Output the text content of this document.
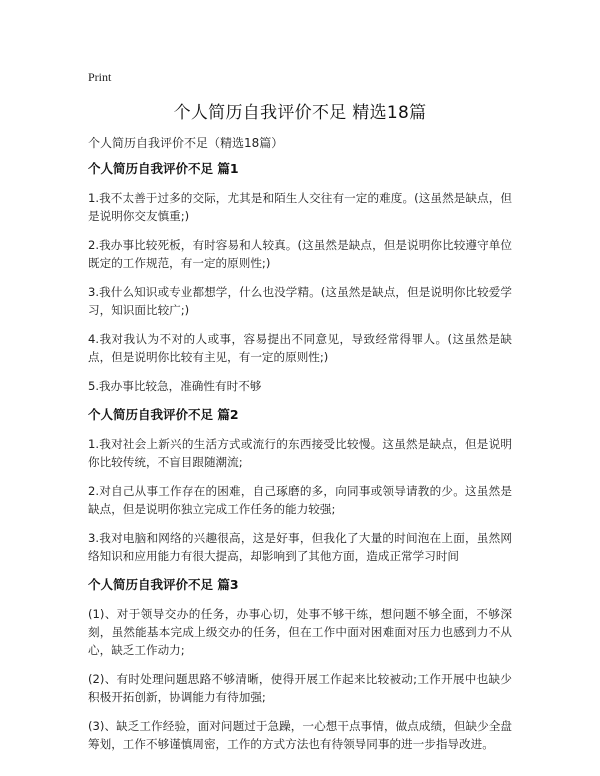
Print
个人简历自我评价不足 精选18篇
个人简历自我评价不足（精选18篇）
个人简历自我评价不足 篇1
1.我不太善于过多的交际，尤其是和陌生人交往有一定的难度。(这虽然是缺点，但是说明你交友慎重;)
2.我办事比较死板，有时容易和人较真。(这虽然是缺点，但是说明你比较遵守单位既定的工作规范，有一定的原则性;)
3.我什么知识或专业都想学，什么也没学精。(这虽然是缺点，但是说明你比较爱学习，知识面比较广;)
4.我对我认为不对的人或事，容易提出不同意见，导致经常得罪人。(这虽然是缺点，但是说明你比较有主见，有一定的原则性;)
5.我办事比较急，准确性有时不够
个人简历自我评价不足 篇2
1.我对社会上新兴的生活方式或流行的东西接受比较慢。这虽然是缺点，但是说明你比较传统，不盲目跟随潮流;
2.对自己从事工作存在的困难，自己琢磨的多，向同事或领导请教的少。这虽然是缺点，但是说明你独立完成工作任务的能力较强;
3.我对电脑和网络的兴趣很高，这是好事，但我化了大量的时间泡在上面，虽然网络知识和应用能力有很大提高，却影响到了其他方面，造成正常学习时间
个人简历自我评价不足 篇3
(1)、对于领导交办的任务，办事心切，处事不够干练，想问题不够全面，不够深刻，虽然能基本完成上级交办的任务，但在工作中面对困难面对压力也感到力不从心，缺乏工作动力;
(2)、有时处理问题思路不够清晰，使得开展工作起来比较被动;工作开展中也缺少积极开拓创新，协调能力有待加强;
(3)、缺乏工作经验，面对问题过于急躁，一心想干点事情，做点成绩，但缺少全盘筹划，工作不够谨慎周密，工作的方式方法也有待领导同事的进一步指导改进。
